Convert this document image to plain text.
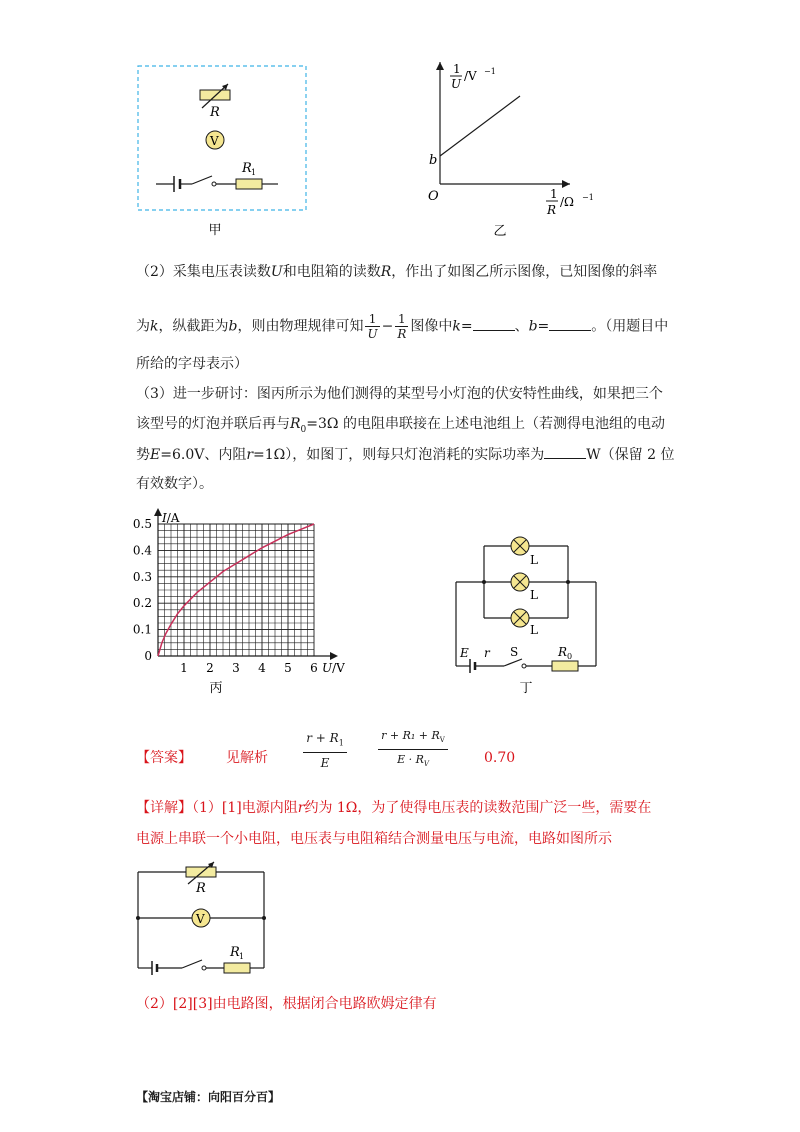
R
V
R 1
甲
O
b
1
U
/V −1
1
R
/Ω −1
乙
（2）采集电压表读数U和电阻箱的读数R，作出了如图乙所示图像，已知图像的斜率
为k，纵截距为b，则由物理规律可知 $\frac{1}{U} - \frac{1}{R}$ 图像中k=	、b=	。（用题目中
所给的字母表示）
（3）进一步研讨：图丙所示为他们测得的某型号小灯泡的伏安特性曲线，如果把三个
该型号的灯泡并联后再与$R_0=3\Omega$ 的电阻串联接在上述电池组上（若测得电池组的电动
势E=6.0V、内阻r=1Ω），如图丁，则每只灯泡消耗的实际功率为	W（保留 2 位
有效数字）。
1 2 3 4 5 6
0
0.1
0.2
0.3
0.4
0.5 I/A
U/V
丙
L
L
L
E r S	R 0
丁
【答案】 见解析
$r + R_1$
E
$r + R_1 + R_V$
$E \cdot R_V$	0.70
【详解】（1）[1]电源内阻r约为 1Ω，为了使得电压表的读数范围广泛一些，需要在
电源上串联一个小电阻，电压表与电阻箱结合测量电压与电流，电路如图所示
R
V
R 1
（2）[2][3]由电路图，根据闭合电路欧姆定律有
【淘宝店铺：向阳百分百】
